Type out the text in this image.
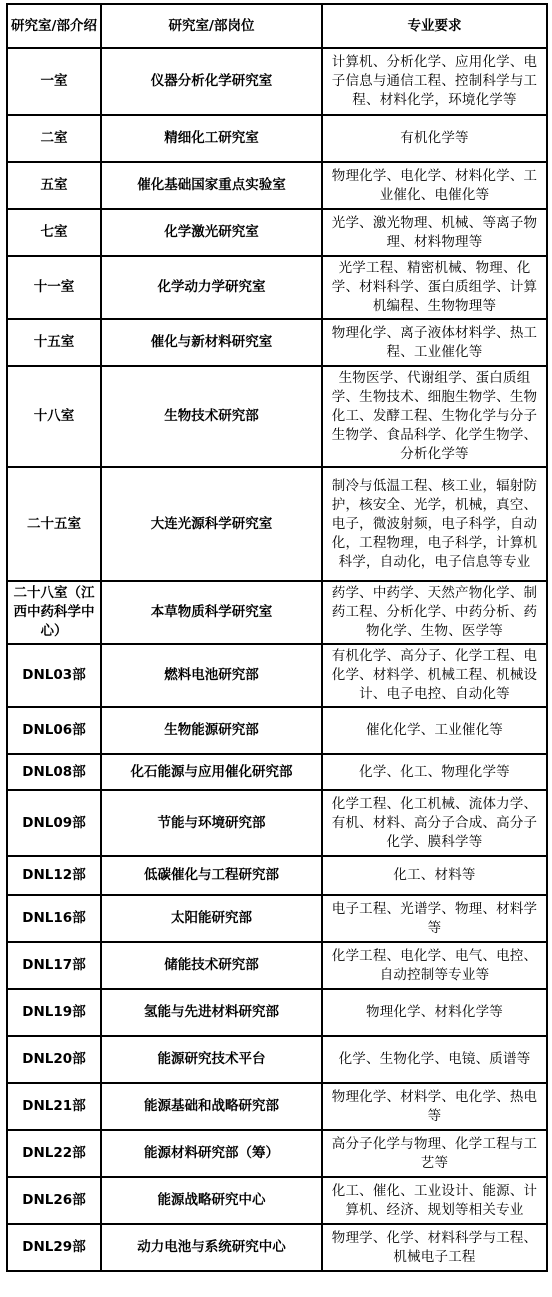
研究室/部介绍	研究室/部岗位	专业要求
一室	仪器分析化学研究室	计算机、分析化学、应用化学、电子信息与通信工程、控制科学与工程、材料化学，环境化学等
二室	精细化工研究室	有机化学等
五室	催化基础国家重点实验室	物理化学、电化学、材料化学、工业催化、电催化等
七室	化学激光研究室	光学、激光物理、机械、等离子物理、材料物理等
十一室	化学动力学研究室	光学工程、精密机械、物理、化学、材料科学、蛋白质组学、计算机编程、生物物理等
十五室	催化与新材料研究室	物理化学、离子液体材料学、热工程、工业催化等
十八室	生物技术研究部	生物医学、代谢组学、蛋白质组学、生物技术、细胞生物学、生物化工、发酵工程、生物化学与分子生物学、食品科学、化学生物学、分析化学等
二十五室	大连光源科学研究室	制冷与低温工程、核工业，辐射防护，核安全、光学，机械，真空、电子，微波射频，电子科学，自动化，工程物理，电子科学，计算机科学，自动化，电子信息等专业
二十八室（江西中药科学中心）	本草物质科学研究室	药学、中药学、天然产物化学、制药工程、分析化学、中药分析、药物化学、生物、医学等
DNL03部	燃料电池研究部	有机化学、高分子、化学工程、电化学、材料学、机械工程、机械设计、电子电控、自动化等
DNL06部	生物能源研究部	催化化学、工业催化等
DNL08部	化石能源与应用催化研究部	化学、化工、物理化学等
DNL09部	节能与环境研究部	化学工程、化工机械、流体力学、有机、材料、高分子合成、高分子化学、膜科学等
DNL12部	低碳催化与工程研究部	化工、材料等
DNL16部	太阳能研究部	电子工程、光谱学、物理、材料学等
DNL17部	储能技术研究部	化学工程、电化学、电气、电控、自动控制等专业等
DNL19部	氢能与先进材料研究部	物理化学、材料化学等
DNL20部	能源研究技术平台	化学、生物化学、电镜、质谱等
DNL21部	能源基础和战略研究部	物理化学、材料学、电化学、热电等
DNL22部	能源材料研究部（筹）	高分子化学与物理、化学工程与工艺等
DNL26部	能源战略研究中心	化工、催化、工业设计、能源、计算机、经济、规划等相关专业
DNL29部	动力电池与系统研究中心	物理学、化学、材料科学与工程、机械电子工程
